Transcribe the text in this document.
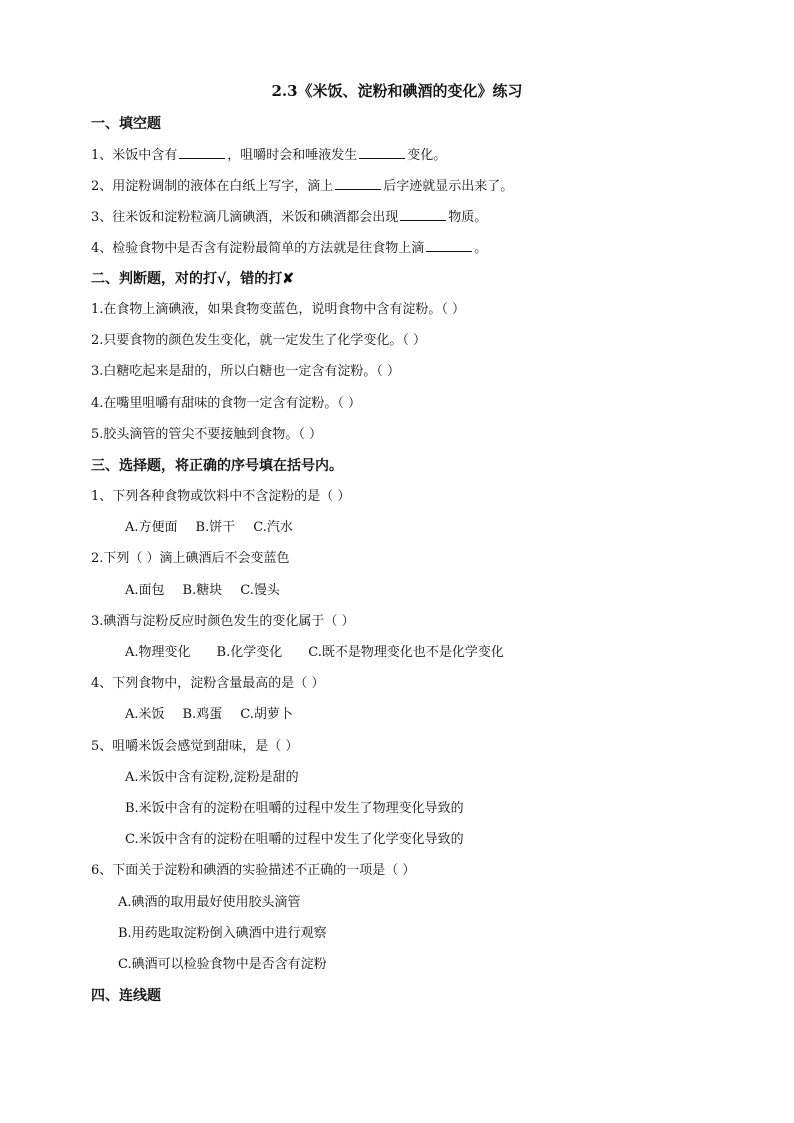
2.3《米饭、淀粉和碘酒的变化》练习
一、填空题
1、米饭中含有	，咀嚼时会和唾液发生	变化。
2、用淀粉调制的液体在白纸上写字，滴上	后字迹就显示出来了。
3、往米饭和淀粉粒滴几滴碘酒，米饭和碘酒都会出现	物质。
4、检验食物中是否含有淀粉最简单的方法就是往食物上滴	。
二、判断题，对的打√，错的打✘
1.在食物上滴碘液，如果食物变蓝色，说明食物中含有淀粉。（ ）
2.只要食物的颜色发生变化，就一定发生了化学变化。（ ）
3.白糖吃起来是甜的，所以白糖也一定含有淀粉。（ ）
4.在嘴里咀嚼有甜味的食物一定含有淀粉。（ ）
5.胶头滴管的管尖不要接触到食物。（ ）
三、选择题，将正确的序号填在括号内。
1、下列各种食物或饮料中不含淀粉的是（ ）
A.方便面 B.饼干 C.汽水
2.下列（ ）滴上碘酒后不会变蓝色
A.面包 B.糖块 C.馒头
3.碘酒与淀粉反应时颜色发生的变化属于（ ）
A.物理变化 B.化学变化 C.既不是物理变化也不是化学变化
4、下列食物中，淀粉含量最高的是（ ）
A.米饭 B.鸡蛋 C.胡萝卜
5、咀嚼米饭会感觉到甜味，是（ ）
A.米饭中含有淀粉,淀粉是甜的
B.米饭中含有的淀粉在咀嚼的过程中发生了物理变化导致的
C.米饭中含有的淀粉在咀嚼的过程中发生了化学变化导致的
6、下面关于淀粉和碘酒的实验描述不正确的一项是（ ）
A.碘酒的取用最好使用胶头滴管
B.用药匙取淀粉倒入碘酒中进行观察
C.碘酒可以检验食物中是否含有淀粉
四、连线题
